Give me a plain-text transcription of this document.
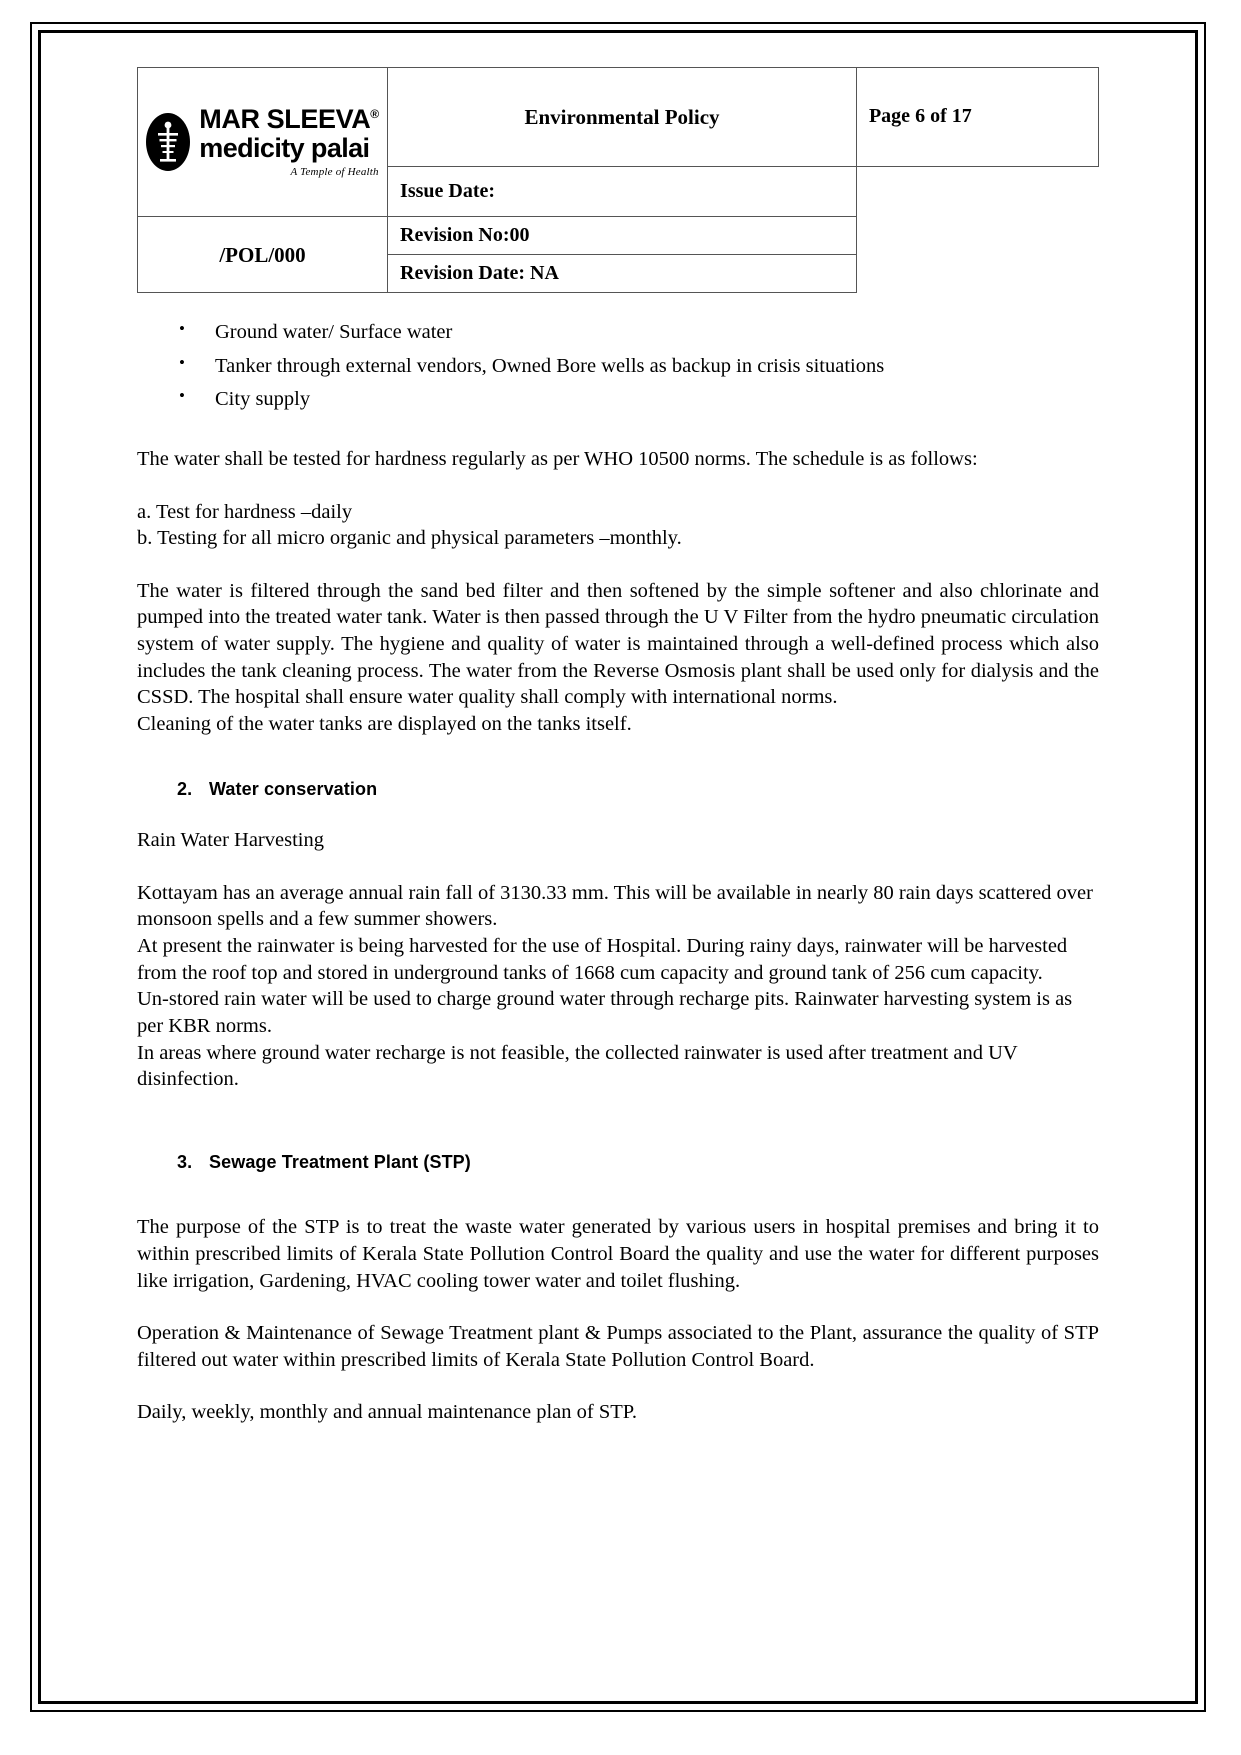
MAR SLEEVA®
medicity palai
A Temple of Health	Environmental Policy	Page 6 of 17
	Issue Date:	
/POL/000	Revision No:00	
	Revision Date: NA	
• Ground water/ Surface water
• Tanker through external vendors, Owned Bore wells as backup in crisis situations
• City supply

The water shall be tested for hardness regularly as per WHO 10500 norms. The schedule is as follows:

a. Test for hardness –daily

b. Testing for all micro organic and physical parameters –monthly.

The water is filtered through the sand bed filter and then softened by the simple softener and also chlorinate and pumped into the treated water tank. Water is then passed through the U V Filter from the hydro pneumatic circulation system of water supply. The hygiene and quality of water is maintained through a well-defined process which also includes the tank cleaning process. The water from the Reverse Osmosis plant shall be used only for dialysis and the CSSD. The hospital shall ensure water quality shall comply with international norms.

Cleaning of the water tanks are displayed on the tanks itself.

2. Water conservation

Rain Water Harvesting

Kottayam has an average annual rain fall of 3130.33 mm. This will be available in nearly 80 rain days scattered over monsoon spells and a few summer showers.

At present the rainwater is being harvested for the use of Hospital. During rainy days, rainwater will be harvested from the roof top and stored in underground tanks of 1668 cum capacity and ground tank of 256 cum capacity.

Un-stored rain water will be used to charge ground water through recharge pits. Rainwater harvesting system is as per KBR norms.

In areas where ground water recharge is not feasible, the collected rainwater is used after treatment and UV disinfection.

3. Sewage Treatment Plant (STP)

The purpose of the STP is to treat the waste water generated by various users in hospital premises and bring it to within prescribed limits of Kerala State Pollution Control Board the quality and use the water for different purposes like irrigation, Gardening, HVAC cooling tower water and toilet flushing.

Operation & Maintenance of Sewage Treatment plant & Pumps associated to the Plant, assurance the quality of STP filtered out water within prescribed limits of Kerala State Pollution Control Board.

Daily, weekly, monthly and annual maintenance plan of STP.
